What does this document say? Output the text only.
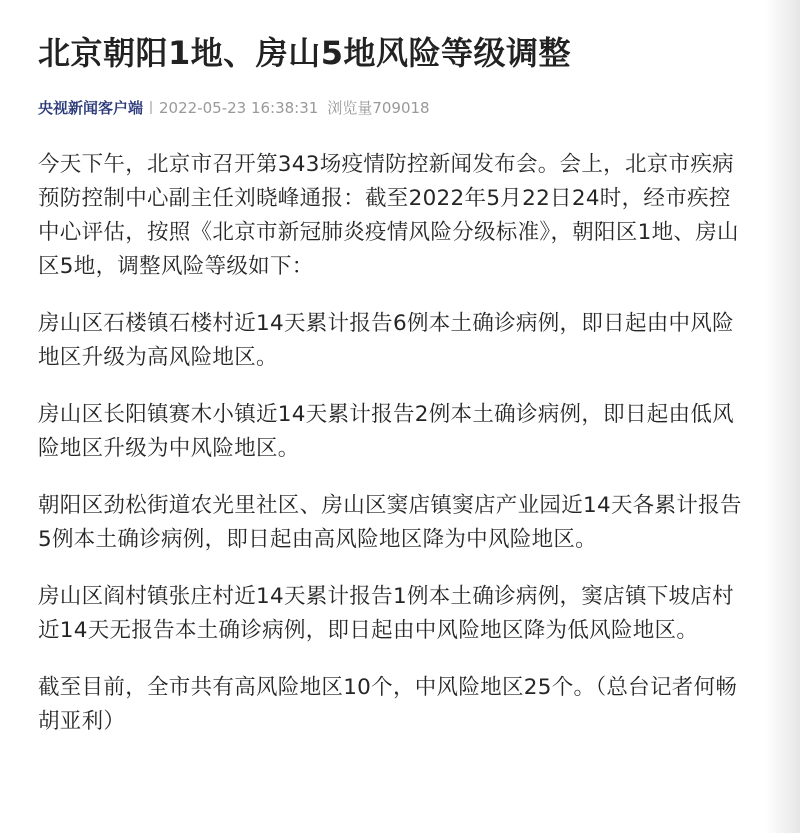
北京朝阳1地、房山5地风险等级调整
央视新闻客户端 2022-05-23 16:38:31 浏览量709018

今天下午，北京市召开第343场疫情防控新闻发布会。会上，北京市疾病预防控制中心副主任刘晓峰通报：截至2022年5月22日24时，经市疾控中心评估，按照《北京市新冠肺炎疫情风险分级标准》，朝阳区1地、房山区5地，调整风险等级如下：

房山区石楼镇石楼村近14天累计报告6例本土确诊病例，即日起由中风险地区升级为高风险地区。

房山区长阳镇赛木小镇近14天累计报告2例本土确诊病例，即日起由低风险地区升级为中风险地区。

朝阳区劲松街道农光里社区、房山区窦店镇窦店产业园近14天各累计报告5例本土确诊病例，即日起由高风险地区降为中风险地区。

房山区阎村镇张庄村近14天累计报告1例本土确诊病例，窦店镇下坡店村近14天无报告本土确诊病例，即日起由中风险地区降为低风险地区。

截至目前，全市共有高风险地区10个，中风险地区25个。（总台记者何畅 胡亚利）
